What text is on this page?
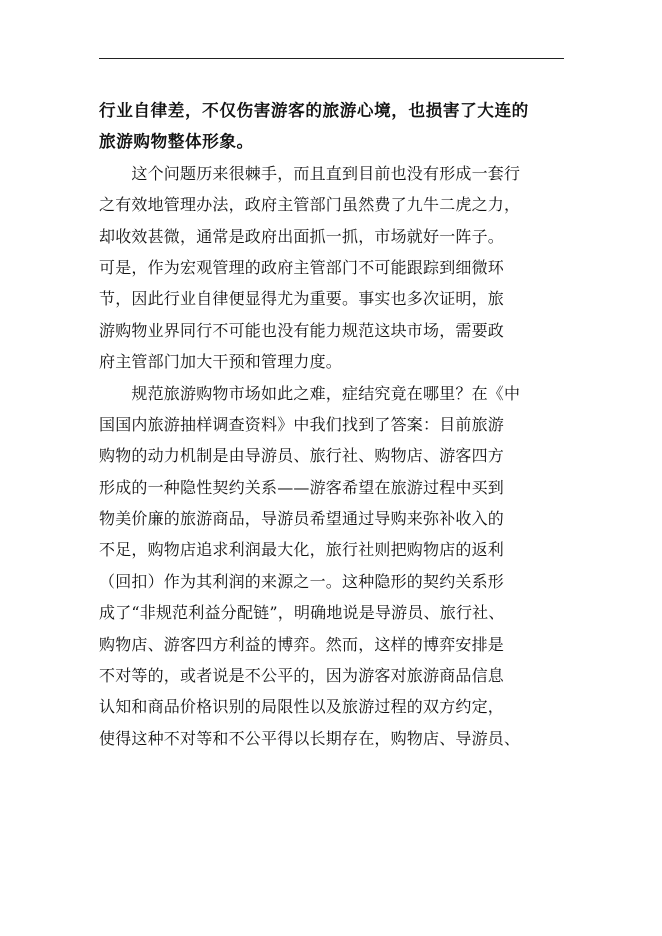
行业自律差，不仅伤害游客的旅游心境，也损害了大连的
旅游购物整体形象。
　　这个问题历来很棘手，而且直到目前也没有形成一套行
之有效地管理办法，政府主管部门虽然费了九牛二虎之力，
却收效甚微，通常是政府出面抓一抓，市场就好一阵子。
可是，作为宏观管理的政府主管部门不可能跟踪到细微环
节，因此行业自律便显得尤为重要。事实也多次证明，旅
游购物业界同行不可能也没有能力规范这块市场，需要政
府主管部门加大干预和管理力度。
　　规范旅游购物市场如此之难，症结究竟在哪里？在《中
国国内旅游抽样调查资料》中我们找到了答案：目前旅游
购物的动力机制是由导游员、旅行社、购物店、游客四方
形成的一种隐性契约关系——游客希望在旅游过程中买到
物美价廉的旅游商品，导游员希望通过导购来弥补收入的
不足，购物店追求利润最大化，旅行社则把购物店的返利
（回扣）作为其利润的来源之一。这种隐形的契约关系形
成了“非规范利益分配链”，明确地说是导游员、旅行社、
购物店、游客四方利益的博弈。然而，这样的博弈安排是
不对等的，或者说是不公平的，因为游客对旅游商品信息
认知和商品价格识别的局限性以及旅游过程的双方约定，
使得这种不对等和不公平得以长期存在，购物店、导游员、
